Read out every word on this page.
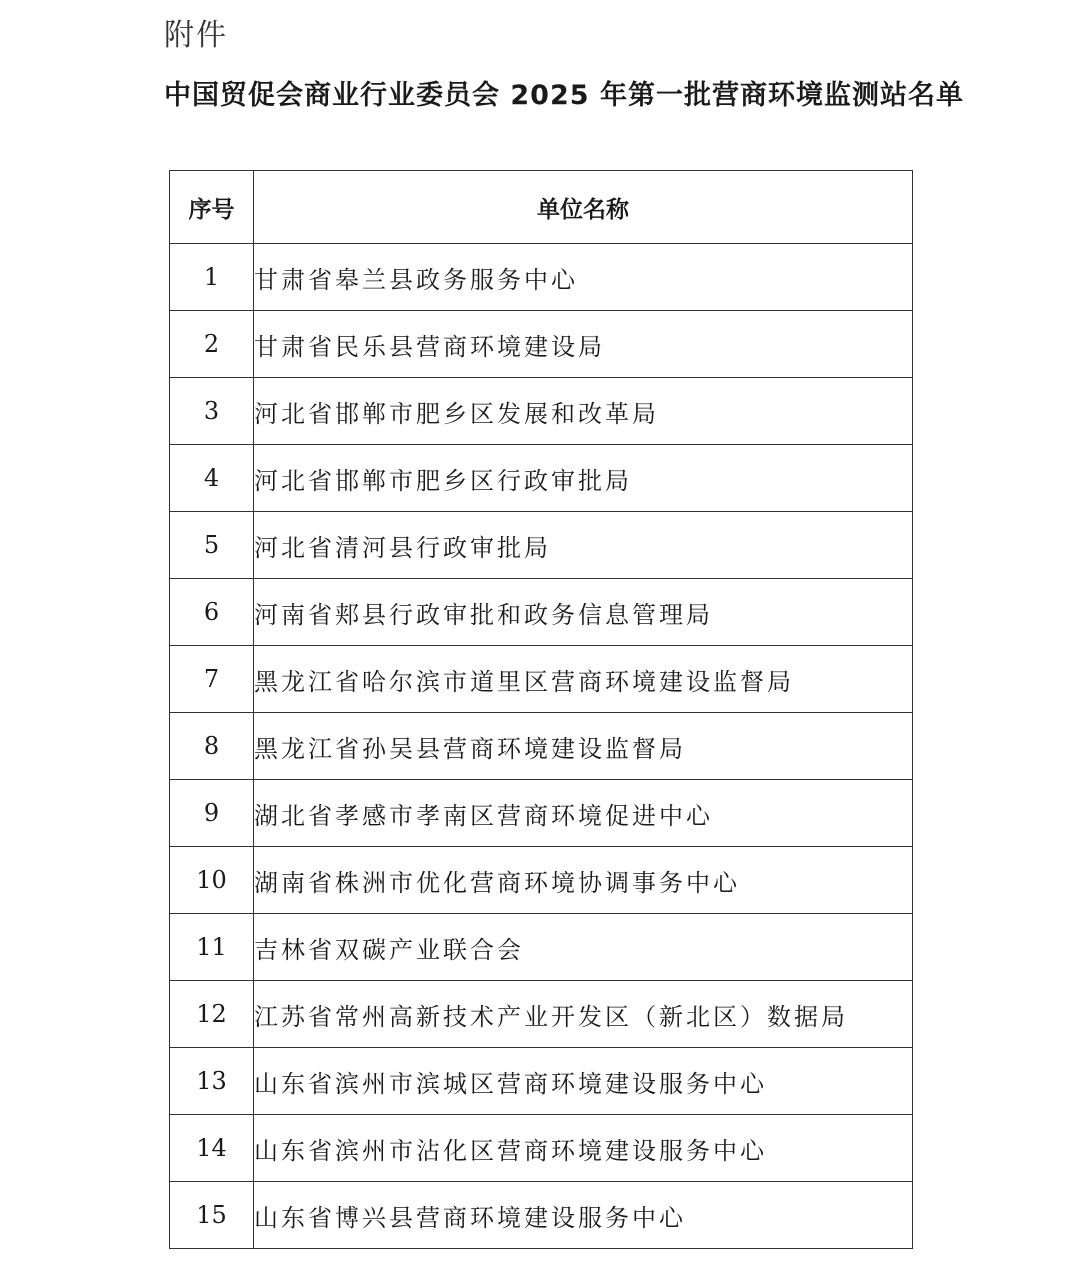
附件
中国贸促会商业行业委员会 2025 年第一批营商环境监测站名单
序号	单位名称
1	甘肃省皋兰县政务服务中心
2	甘肃省民乐县营商环境建设局
3	河北省邯郸市肥乡区发展和改革局
4	河北省邯郸市肥乡区行政审批局
5	河北省清河县行政审批局
6	河南省郏县行政审批和政务信息管理局
7	黑龙江省哈尔滨市道里区营商环境建设监督局
8	黑龙江省孙吴县营商环境建设监督局
9	湖北省孝感市孝南区营商环境促进中心
10	湖南省株洲市优化营商环境协调事务中心
11	吉林省双碳产业联合会
12	江苏省常州高新技术产业开发区（新北区）数据局
13	山东省滨州市滨城区营商环境建设服务中心
14	山东省滨州市沾化区营商环境建设服务中心
15	山东省博兴县营商环境建设服务中心
